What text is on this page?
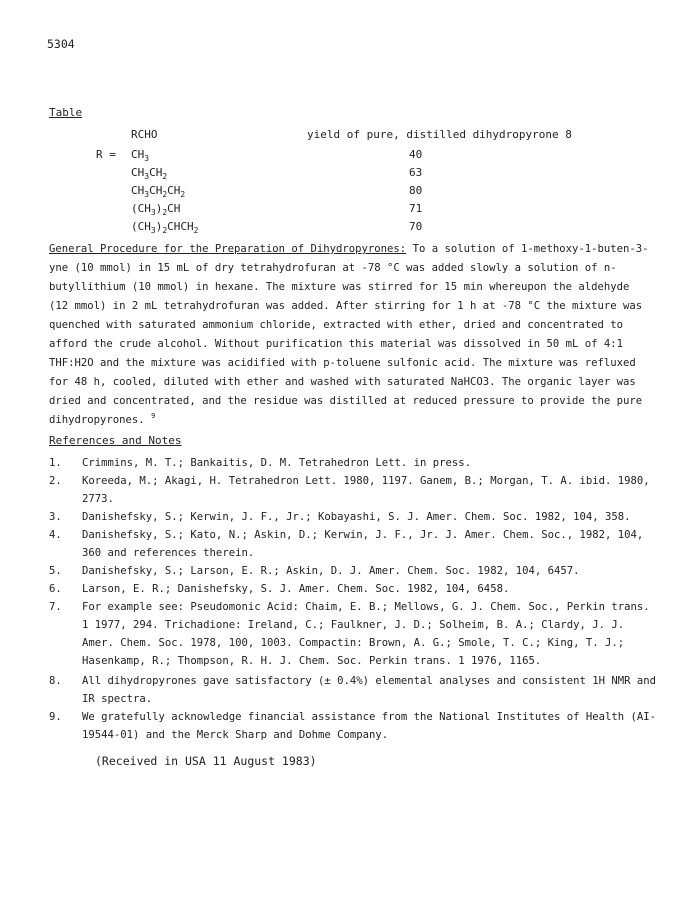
5304
Table
RCHO	yield of pure, distilled dihydropyrone 8
$R = CH_3$	40
$CH_3CH_2$	63
$CH_3CH_2CH_2$	80
$(CH_3)_2CH$	71
$(CH_3)_2CHCH_2$	70
General Procedure for the Preparation of Dihydropyrones: To a solution of 1-methoxy-1-buten-3-yne (10 mmol) in 15 mL of dry tetrahydrofuran at -78 °C was added slowly a solution of n-butyllithium (10 mmol) in hexane. The mixture was stirred for 15 min whereupon the aldehyde (12 mmol) in 2 mL tetrahydrofuran was added. After stirring for 1 h at -78 °C the mixture was quenched with saturated ammonium chloride, extracted with ether, dried and concentrated to afford the crude alcohol. Without purification this material was dissolved in 50 mL of 4:1 THF:H2O and the mixture was acidified with p-toluene sulfonic acid. The mixture was refluxed for 48 h, cooled, diluted with ether and washed with saturated NaHCO3. The organic layer was dried and concentrated, and the residue was distilled at reduced pressure to provide the pure dihydropyrones. $^9$
References and Notes
1. Crimmins, M. T.; Bankaitis, D. M. Tetrahedron Lett. in press.
2. Koreeda, M.; Akagi, H. Tetrahedron Lett. 1980, 1197. Ganem, B.; Morgan, T. A. ibid. 1980, 2773.
3. Danishefsky, S.; Kerwin, J. F., Jr.; Kobayashi, S. J. Amer. Chem. Soc. 1982, 104, 358.
4. Danishefsky, S.; Kato, N.; Askin, D.; Kerwin, J. F., Jr. J. Amer. Chem. Soc., 1982, 104, 360 and references therein.
5. Danishefsky, S.; Larson, E. R.; Askin, D. J. Amer. Chem. Soc. 1982, 104, 6457.
6. Larson, E. R.; Danishefsky, S. J. Amer. Chem. Soc. 1982, 104, 6458.
7. For example see: Pseudomonic Acid: Chaim, E. B.; Mellows, G. J. Chem. Soc., Perkin trans. 1 1977, 294. Trichadione: Ireland, C.; Faulkner, J. D.; Solheim, B. A.; Clardy, J. J. Amer. Chem. Soc. 1978, 100, 1003. Compactin: Brown, A. G.; Smole, T. C.; King, T. J.; Hasenkamp, R.; Thompson, R. H. J. Chem. Soc. Perkin trans. 1 1976, 1165.
8. All dihydropyrones gave satisfactory (± 0.4%) elemental analyses and consistent 1H NMR and IR spectra.
9. We gratefully acknowledge financial assistance from the National Institutes of Health (AI-19544-01) and the Merck Sharp and Dohme Company.
(Received in USA 11 August 1983)
